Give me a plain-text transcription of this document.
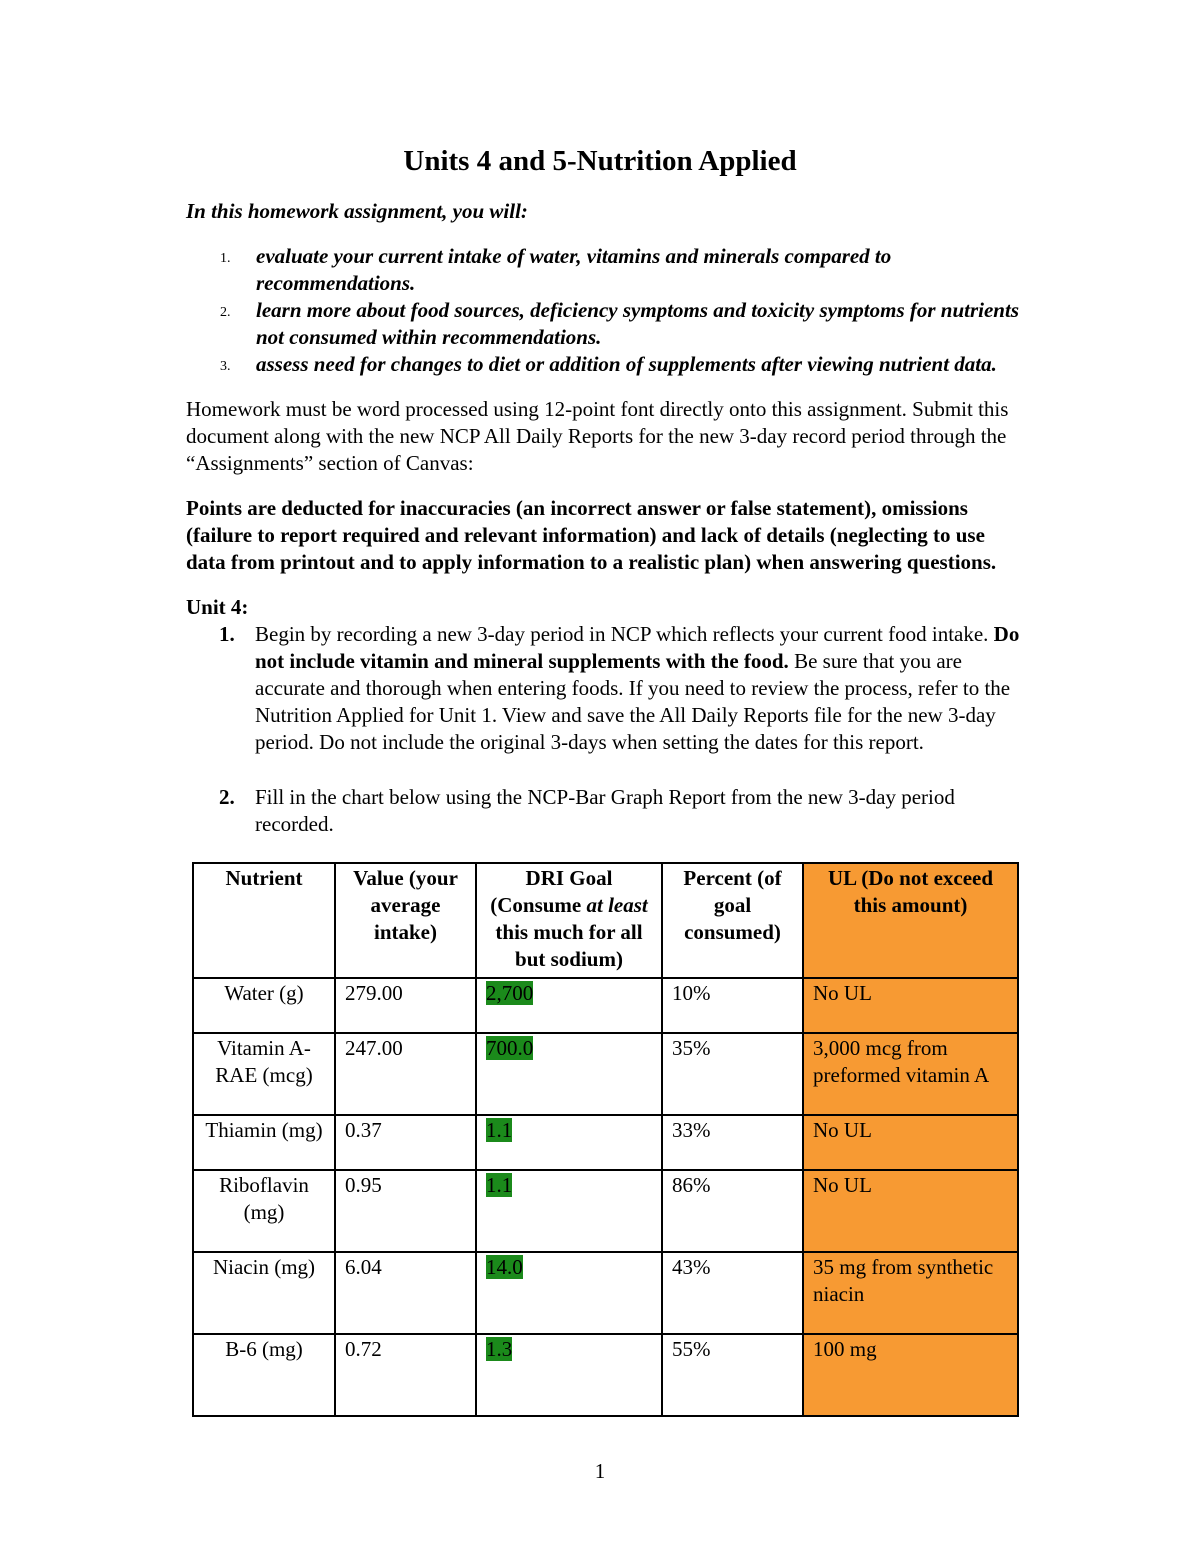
Units 4 and 5-Nutrition Applied
In this homework assignment, you will:
1. evaluate your current intake of water, vitamins and minerals compared to recommendations.
2. learn more about food sources, deficiency symptoms and toxicity symptoms for nutrients not consumed within recommendations.
3. assess need for changes to diet or addition of supplements after viewing nutrient data.
Homework must be word processed using 12-point font directly onto this assignment. Submit this document along with the new NCP All Daily Reports for the new 3-day record period through the “Assignments” section of Canvas:
Points are deducted for inaccuracies (an incorrect answer or false statement), omissions (failure to report required and relevant information) and lack of details (neglecting to use data from printout and to apply information to a realistic plan) when answering questions.
Unit 4:
1. Begin by recording a new 3-day period in NCP which reflects your current food intake. Do not include vitamin and mineral supplements with the food. Be sure that you are accurate and thorough when entering foods. If you need to review the process, refer to the Nutrition Applied for Unit 1. View and save the All Daily Reports file for the new 3-day period. Do not include the original 3-days when setting the dates for this report.
2. Fill in the chart below using the NCP-Bar Graph Report from the new 3-day period recorded.
Nutrient	Value (your average intake)	DRI Goal (Consume at least this much for all but sodium)	Percent (of goal consumed)	UL (Do not exceed this amount)
Water (g)	279.00	2,700	10%	No UL
Vitamin A-RAE (mcg)	247.00	700.0	35%	3,000 mcg from preformed vitamin A
Thiamin (mg)	0.37	1.1	33%	No UL
Riboflavin (mg)	0.95	1.1	86%	No UL
Niacin (mg)	6.04	14.0	43%	35 mg from synthetic niacin
B-6 (mg)	0.72	1.3	55%	100 mg
1
